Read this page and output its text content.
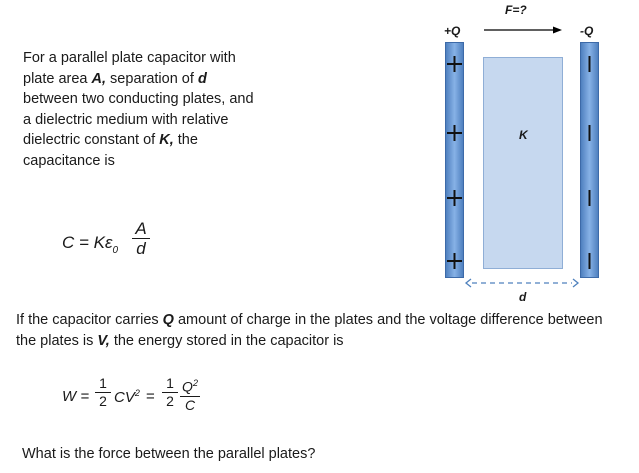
For a parallel plate capacitor with plate area A, separation of d between two conducting plates, and a dielectric medium with relative dielectric constant of K, the capacitance is

$C = K\varepsilon_0$
A
d

If the capacitor carries Q amount of charge in the plates and the voltage difference between the plates is V, the energy stored in the capacitor is

W =
1
2 $CV^2$ =
1
2
$Q^2$
C

What is the force between the parallel plates?

F=?
+Q	-Q
K
d
